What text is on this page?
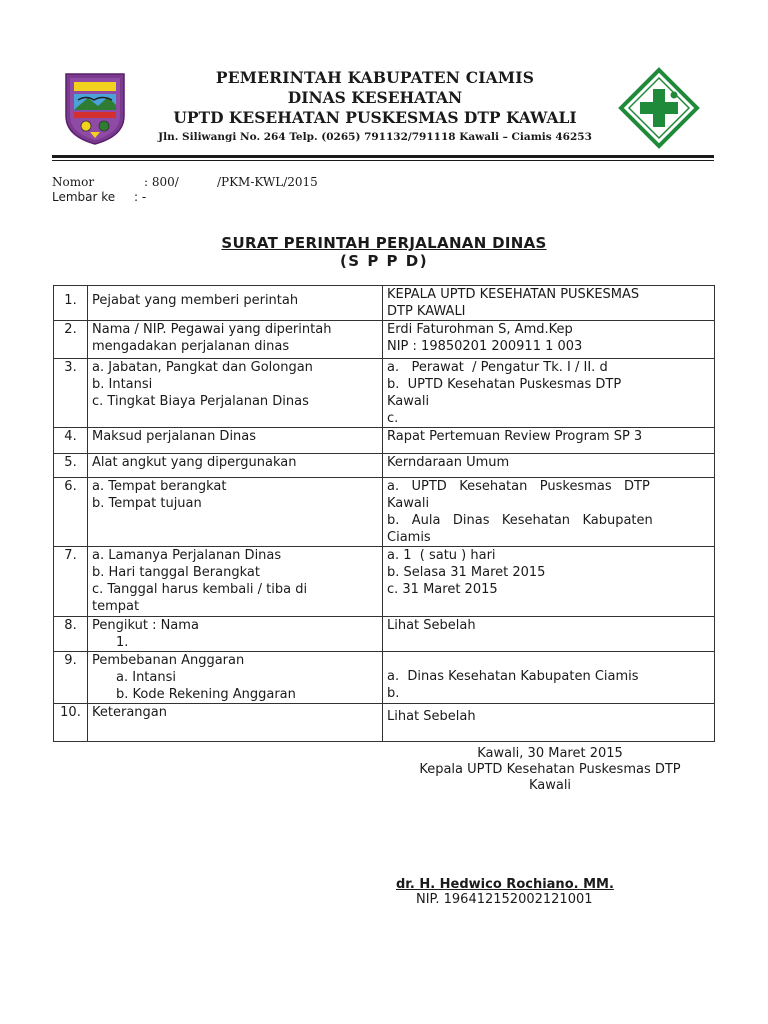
PEMERINTAH KABUPATEN CIAMIS
DINAS KESEHATAN
UPTD KESEHATAN PUSKESMAS DTP KAWALI
Jln. Siliwangi No. 264 Telp. (0265) 791132/791118 Kawali – Ciamis 46253
Nomor	: 800/          /PKM-KWL/2015
Lembar ke : -
SURAT PERINTAH PERJALANAN DINAS
(S P P D)
1.	Pejabat yang memberi perintah	KEPALA UPTD KESEHATAN PUSKESMAS
DTP KAWALI

2.	Nama / NIP. Pegawai yang diperintah
mengadakan perjalanan dinas	Erdi Faturohman S, Amd.Kep
NIP : 19850201 200911 1 003

3.	a. Jabatan, Pangkat dan Golongan
b. Intansi
c. Tingkat Biaya Perjalanan Dinas	a.   Perawat  / Pengatur Tk. I / II. d
b.  UPTD Kesehatan Puskesmas DTP
Kawali
c.

4.	Maksud perjalanan Dinas	Rapat Pertemuan Review Program SP 3

5.	Alat angkut yang dipergunakan	Kerndaraan Umum

6.	a. Tempat berangkat
b. Tempat tujuan	a.   UPTD   Kesehatan   Puskesmas   DTP
Kawali
b.   Aula   Dinas   Kesehatan   Kabupaten
Ciamis

7.	a. Lamanya Perjalanan Dinas
b. Hari tanggal Berangkat
c. Tanggal harus kembali / tiba di
tempat	a. 1  ( satu ) hari
b. Selasa 31 Maret 2015
c. 31 Maret 2015

8.	Pengikut : Nama
1.	Lihat Sebelah

9.	Pembebanan Anggaran
a. Intansi
b. Kode Rekening Anggaran	a.  Dinas Kesehatan Kabupaten Ciamis
b.

10.	Keterangan	Lihat Sebelah
Kawali, 30 Maret 2015
Kepala UPTD Kesehatan Puskesmas DTP
Kawali
dr. H. Hedwico Rochiano. MM.
NIP. 196412152002121001
